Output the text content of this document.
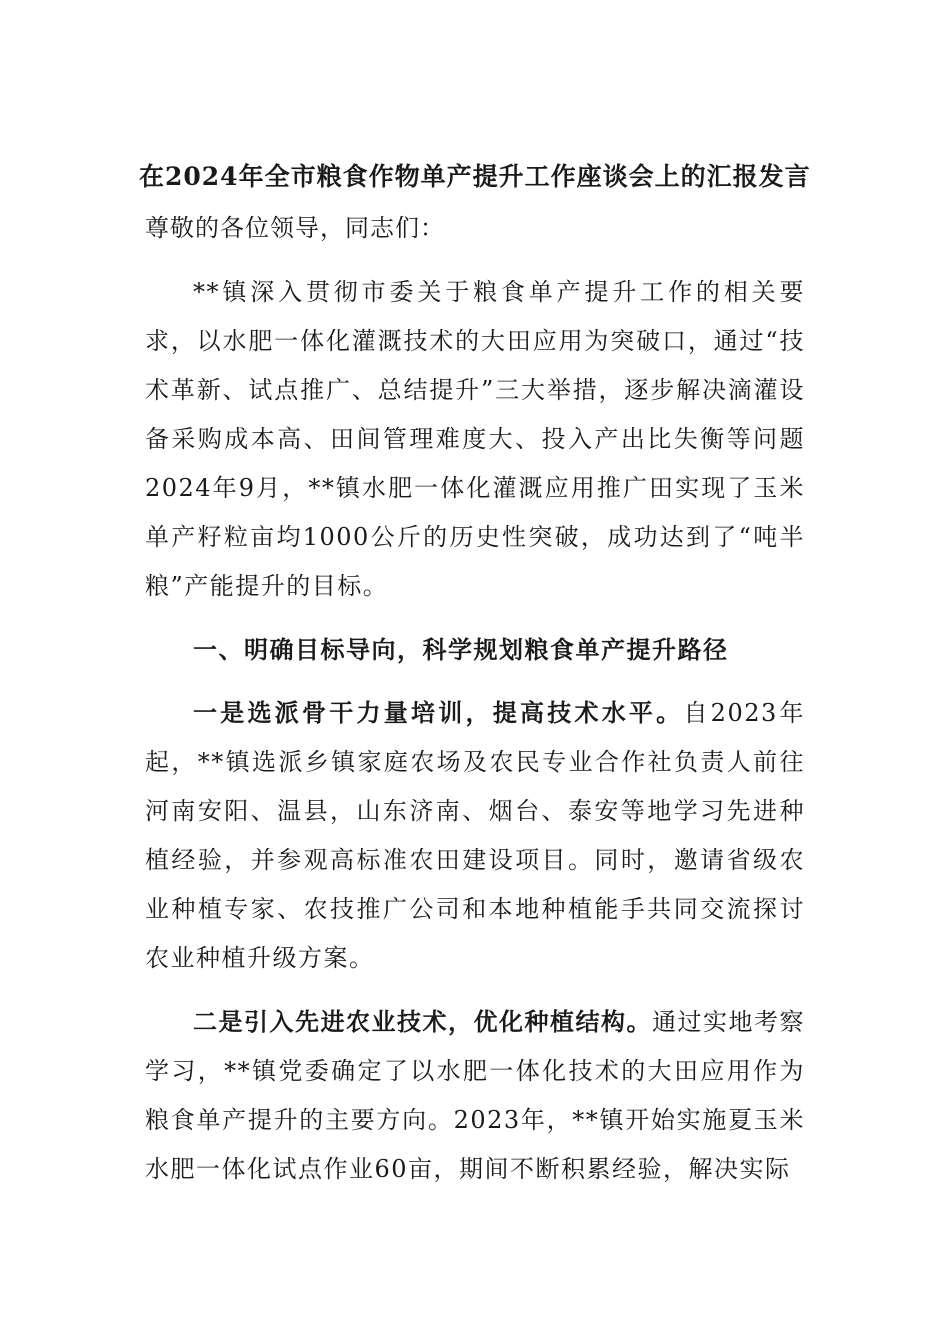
在2024年全市粮食作物单产提升工作座谈会上的汇报发言

尊敬的各位领导，同志们：

**镇深入贯彻市委关于粮食单产提升工作的相关要求，以水肥一体化灌溉技术的大田应用为突破口，通过“技术革新、试点推广、总结提升”三大举措，逐步解决滴灌设备采购成本高、田间管理难度大、投入产出比失衡等问题2024年9月，**镇水肥一体化灌溉应用推广田实现了玉米单产籽粒亩均1000公斤的历史性突破，成功达到了“吨半粮”产能提升的目标。

一、明确目标导向，科学规划粮食单产提升路径

一是选派骨干力量培训，提高技术水平。自2023年起，**镇选派乡镇家庭农场及农民专业合作社负责人前往河南安阳、温县，山东济南、烟台、泰安等地学习先进种植经验，并参观高标准农田建设项目。同时，邀请省级农业种植专家、农技推广公司和本地种植能手共同交流探讨农业种植升级方案。

二是引入先进农业技术，优化种植结构。通过实地考察学习，**镇党委确定了以水肥一体化技术的大田应用作为粮食单产提升的主要方向。2023年，**镇开始实施夏玉米水肥一体化试点作业60亩，期间不断积累经验，解决实际
